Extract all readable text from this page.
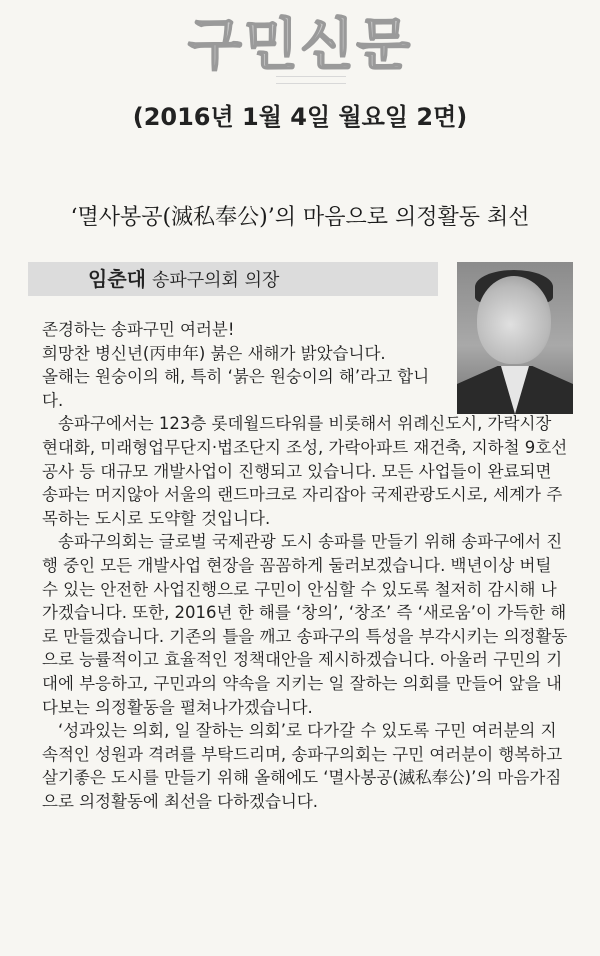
구민신문
(2016년 1월 4일 월요일 2면)
‘멸사봉공(滅私奉公)’의 마음으로 의정활동 최선
임춘대 송파구의회 의장

존경하는 송파구민 여러분!

희망찬 병신년(丙申年) 붉은 새해가 밝았습니다.

올해는 원숭이의 해, 특히 ‘붉은 원숭이의 해’라고 합니다.

송파구에서는 123층 롯데월드타워를 비롯해서 위례신도시, 가락시장 현대화, 미래형업무단지·법조단지 조성, 가락아파트 재건축, 지하철 9호선 공사 등 대규모 개발사업이 진행되고 있습니다. 모든 사업들이 완료되면 송파는 머지않아 서울의 랜드마크로 자리잡아 국제관광도시로, 세계가 주목하는 도시로 도약할 것입니다.

송파구의회는 글로벌 국제관광 도시 송파를 만들기 위해 송파구에서 진행 중인 모든 개발사업 현장을 꼼꼼하게 둘러보겠습니다. 백년이상 버틸 수 있는 안전한 사업진행으로 구민이 안심할 수 있도록 철저히 감시해 나가겠습니다. 또한, 2016년 한 해를 ‘창의’, ‘창조’ 즉 ‘새로움’이 가득한 해로 만들겠습니다. 기존의 틀을 깨고 송파구의 특성을 부각시키는 의정활동으로 능률적이고 효율적인 정책대안을 제시하겠습니다. 아울러 구민의 기대에 부응하고, 구민과의 약속을 지키는 일 잘하는 의회를 만들어 앞을 내다보는 의정활동을 펼쳐나가겠습니다.

‘성과있는 의회, 일 잘하는 의회’로 다가갈 수 있도록 구민 여러분의 지속적인 성원과 격려를 부탁드리며, 송파구의회는 구민 여러분이 행복하고 살기좋은 도시를 만들기 위해 올해에도 ‘멸사봉공(滅私奉公)’의 마음가짐으로 의정활동에 최선을 다하겠습니다.
